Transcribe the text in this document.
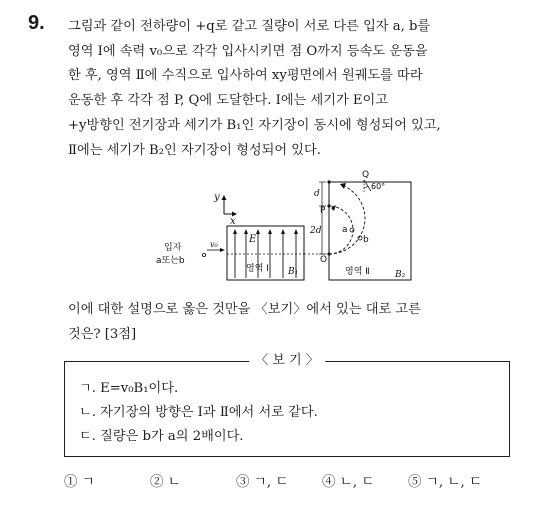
9. 그림과 같이 전하량이 +q로 같고 질량이 서로 다른 입자 a, b를
영역 Ⅰ에 속력 v₀으로 각각 입사시키면 점 O까지 등속도 운동을
한 후, 영역 Ⅱ에 수직으로 입사하여 xy평면에서 원궤도를 따라
운동한 후 각각 점 P, Q에 도달한다. Ⅰ에는 세기가 E이고
+y방향인 전기장과 세기가 B₁인 자기장이 동시에 형성되어 있고,
Ⅱ에는 세기가 B₂인 자기장이 형성되어 있다.
y
x
E
영역 Ⅰ B₁
입자
a또는b
v₀
영역 Ⅱ	B₂
d
2d
O
P
Q
60°
a
b
이에 대한 설명으로 옳은 것만을 〈보기〉에서 있는 대로 고른
것은? [3점]
〈 보 기 〉
ㄱ. E=v₀B₁이다.
ㄴ. 자기장의 방향은 Ⅰ과 Ⅱ에서 서로 같다.
ㄷ. 질량은 b가 a의 2배이다.
① ㄱ	② ㄴ	③ ㄱ, ㄷ ④ ㄴ, ㄷ ⑤ ㄱ, ㄴ, ㄷ
